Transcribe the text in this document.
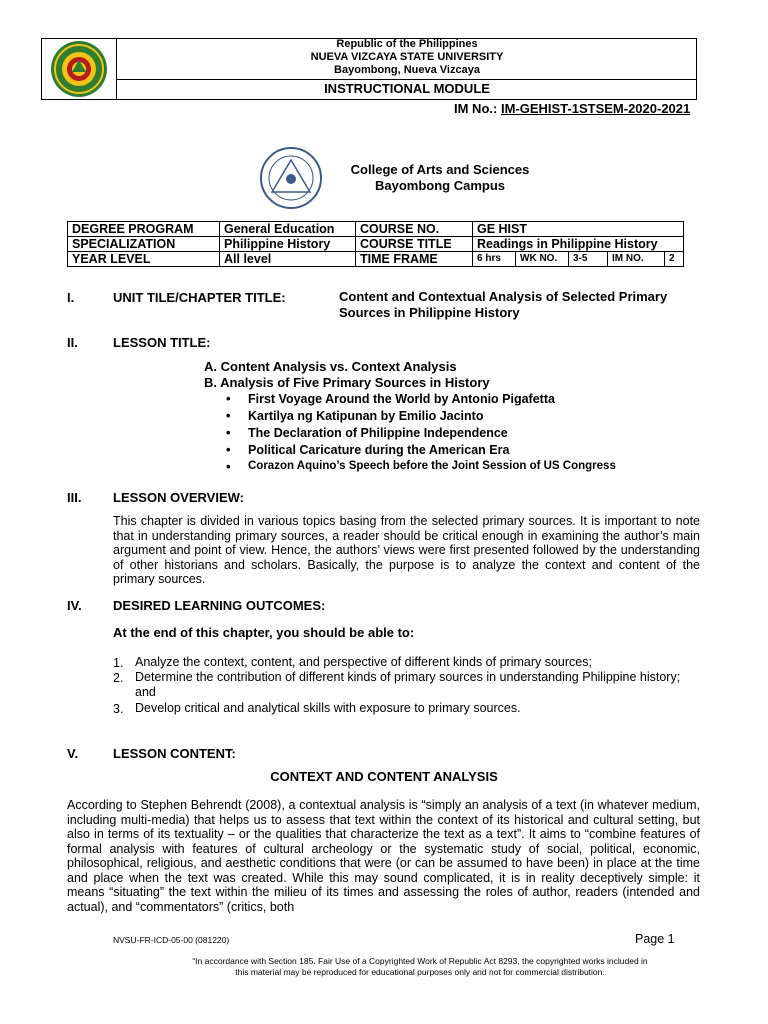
Republic of the Philippines
NUEVA VIZCAYA STATE UNIVERSITY
Bayombong, Nueva Vizcaya
INSTRUCTIONAL MODULE
IM No.: IM-GEHIST-1STSEM-2020-2021
College of Arts and Sciences
Bayombong Campus
DEGREE PROGRAM	General Education	COURSE NO.	GE HIST				
SPECIALIZATION	Philippine History	COURSE TITLE	Readings in Philippine History				
YEAR LEVEL	All level	TIME FRAME	6 hrs	WK NO.	3-5	IM NO.	2
I.	UNIT TILE/CHAPTER TITLE:	Content and Contextual Analysis of Selected Primary
Sources in Philippine History
II.	LESSON TITLE:
A. Content Analysis vs. Context Analysis
B. Analysis of Five Primary Sources in History
• First Voyage Around the World by Antonio Pigafetta
• Kartilya ng Katipunan by Emilio Jacinto
• The Declaration of Philippine Independence
• Political Caricature during the American Era
• Corazon Aquino’s Speech before the Joint Session of US Congress
III. LESSON OVERVIEW:
This chapter is divided in various topics basing from the selected primary sources. It is important to note that in understanding primary sources, a reader should be critical enough in examining the author’s main argument and point of view. Hence, the authors’ views were first presented followed by the understanding of other historians and scholars. Basically, the purpose is to analyze the context and content of the primary sources.
IV. DESIRED LEARNING OUTCOMES:
At the end of this chapter, you should be able to:
1. Analyze the context, content, and perspective of different kinds of primary sources;
2. Determine the contribution of different kinds of primary sources in understanding Philippine history; and
3. Develop critical and analytical skills with exposure to primary sources.
V.	LESSON CONTENT:
CONTEXT AND CONTENT ANALYSIS
According to Stephen Behrendt (2008), a contextual analysis is “simply an analysis of a text (in whatever medium, including multi-media) that helps us to assess that text within the context of its historical and cultural setting, but also in terms of its textuality – or the qualities that characterize the text as a text”. It aims to “combine features of formal analysis with features of cultural archeology or the systematic study of social, political, economic, philosophical, religious, and aesthetic conditions that were (or can be assumed to have been) in place at the time and place when the text was created. While this may sound complicated, it is in reality deceptively simple: it means “situating” the text within the milieu of its times and assessing the roles of author, readers (intended and actual), and “commentators” (critics, both
NVSU-FR-ICD-05-00 (081220)	Page 1
“In accordance with Section 185. Fair Use of a Copyrighted Work of Republic Act 8293, the copyrighted works included in
this material may be reproduced for educational purposes only and not for commercial distribution.
